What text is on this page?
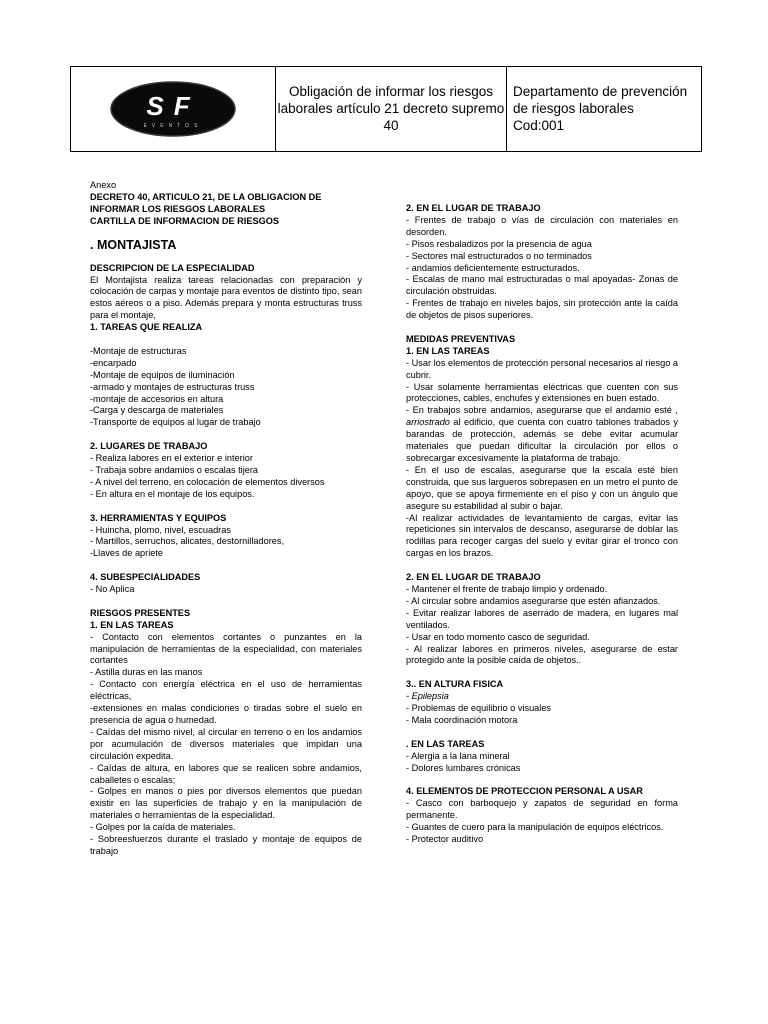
SF
EVENTOS
Obligación de informar los riesgos laborales artículo 21 decreto supremo 40
Departamento de prevención
de riesgos laborales
Cod:001

Anexo

DECRETO 40, ARTICULO 21, DE LA OBLIGACION DE

INFORMAR LOS RIESGOS LABORALES

CARTILLA DE INFORMACION DE RIESGOS

. MONTAJISTA

DESCRIPCION DE LA ESPECIALIDAD

El Montajista realiza tareas relacionadas con preparación y colocación de carpas y montaje para eventos de distinto tipo, sean estos aéreos o a piso. Además prepara y monta estructuras truss para el montaje,

1. TAREAS QUE REALIZA

-Montaje de estructuras

-encarpado

-Montaje de equipos de iluminación

-armado y montajes de estructuras truss

-montaje de accesorios en altura

-Carga y descarga de materiales

-Transporte de equipos al lugar de trabajo

2. LUGARES DE TRABAJO

- Realiza labores en el exterior e interior

- Trabaja sobre andamios o escalas tijera

- A nivel del terreno, en colocación de elementos diversos

- En altura en el montaje de los equipos.

3. HERRAMIENTAS Y EQUIPOS

- Huincha, plomo, nivel, escuadras

- Martillos, serruchos, alicates, destornilladores,

-Llaves de apriete

4. SUBESPECIALIDADES

- No Aplica

RIESGOS PRESENTES

1. EN LAS TAREAS

- Contacto con elementos cortantes o punzantes en la manipulación de herramientas de la especialidad, con materiales cortantes

- Astilla duras en las manos

- Contacto con energía eléctrica en el uso de herramientas eléctricas,

-extensiones en malas condiciones o tiradas sobre el suelo en presencia de agua o humedad.

- Caídas del mismo nivel, al circular en terreno o en los andamios por acumulación de diversos materiales que impidan una circulación expedita.

- Caídas de altura, en labores que se realicen sobre andamios, caballetes o escalas;

- Golpes en manos o pies por diversos elementos que puedan existir en las superficies de trabajo y en la manipulación de materiales o herramientas de la especialidad.

- Golpes por la caída de materiales.

- Sobreesfuerzos durante el traslado y montaje de equipos de trabajo

2. EN EL LUGAR DE TRABAJO

- Frentes de trabajo o vías de circulación con materiales en desorden.

- Pisos resbaladizos por la presencia de agua

- Sectores mal estructurados o no terminados

- andamios deficientemente estructurados.

- Escalas de mano mal estructuradas o mal apoyadas- Zonas de circulación obstruidas.

- Frentes de trabajo en niveles bajos, sin protección ante la caída de objetos de pisos superiores.

MEDIDAS PREVENTIVAS

1. EN LAS TAREAS

- Usar los elementos de protección personal necesarios al riesgo a cubrir.

- Usar solamente herramientas eléctricas que cuenten con sus protecciones, cables, enchufes y extensiones en buen estado.

- En trabajos sobre andamios, asegurarse que el andamio esté , arriostrado al edificio, que cuenta con cuatro tablones trabados y barandas de protección, además se debe evitar acumular materiales que puedan dificultar la circulación por ellos o sobrecargar excesivamente la plataforma de trabajo.

- En el uso de escalas, asegurarse que la escala esté bien construida, que sus largueros sobrepasen en un metro el punto de apoyo, que se apoya firmemente en el piso y con un ángulo que asegure su estabilidad al subir o bajar.

-Al realizar actividades de levantamiento de cargas, evitar las repeticiones sin intervalos de descanso, asegurarse de doblar las rodillas para recoger cargas del suelo y evitar girar el tronco con cargas en los brazos.

2. EN EL LUGAR DE TRABAJO

- Mantener el frente de trabajo limpio y ordenado.

- Al circular sobre andamios asegurarse que estén afianzados.

- Evitar realizar labores de aserrado de madera, en lugares mal ventilados.

- Usar en todo momento casco de seguridad.

- Al realizar labores en primeros niveles, asegurarse de estar protegido ante la posible caída de objetos..

3.. EN ALTURA FISICA

- Epilepsia

- Problemas de equilibrio o visuales

- Mala coordinación motora

. EN LAS TAREAS

- Alergia a la lana mineral

- Dolores lumbares crónicas

4. ELEMENTOS DE PROTECCION PERSONAL A USAR

- Casco con barboquejo y zapatos de seguridad en forma permanente.

- Guantes de cuero para la manipulación de equipos eléctricos.

- Protector auditivo
